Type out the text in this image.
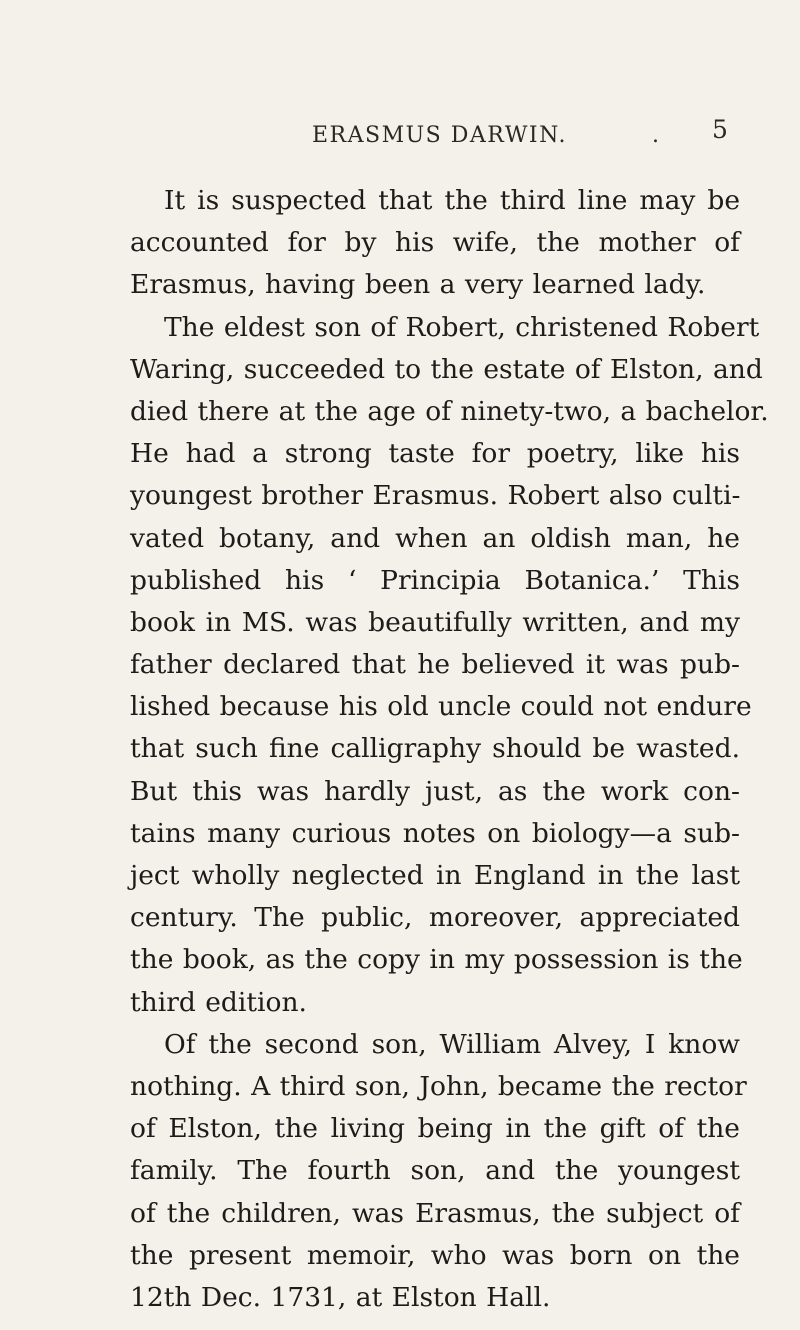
ERASMUS DARWIN.	. 5
It is suspected that the third line may be
accounted for by his wife, the mother of
Erasmus, having been a very learned lady.
The eldest son of Robert, christened Robert
Waring, succeeded to the estate of Elston, and
died there at the age of ninety-two, a bachelor.
He had a strong taste for poetry, like his
youngest brother Erasmus. Robert also culti-
vated botany, and when an oldish man, he
published his ‘ Principia Botanica.’ This
book in MS. was beautifully written, and my
father declared that he believed it was pub-
lished because his old uncle could not endure
that such fine calligraphy should be wasted.
But this was hardly just, as the work con-
tains many curious notes on biology—a sub-
ject wholly neglected in England in the last
century. The public, moreover, appreciated
the book, as the copy in my possession is the
third edition.
Of the second son, William Alvey, I know
nothing. A third son, John, became the rector
of Elston, the living being in the gift of the
family. The fourth son, and the youngest
of the children, was Erasmus, the subject of
the present memoir, who was born on the
12th Dec. 1731, at Elston Hall.
